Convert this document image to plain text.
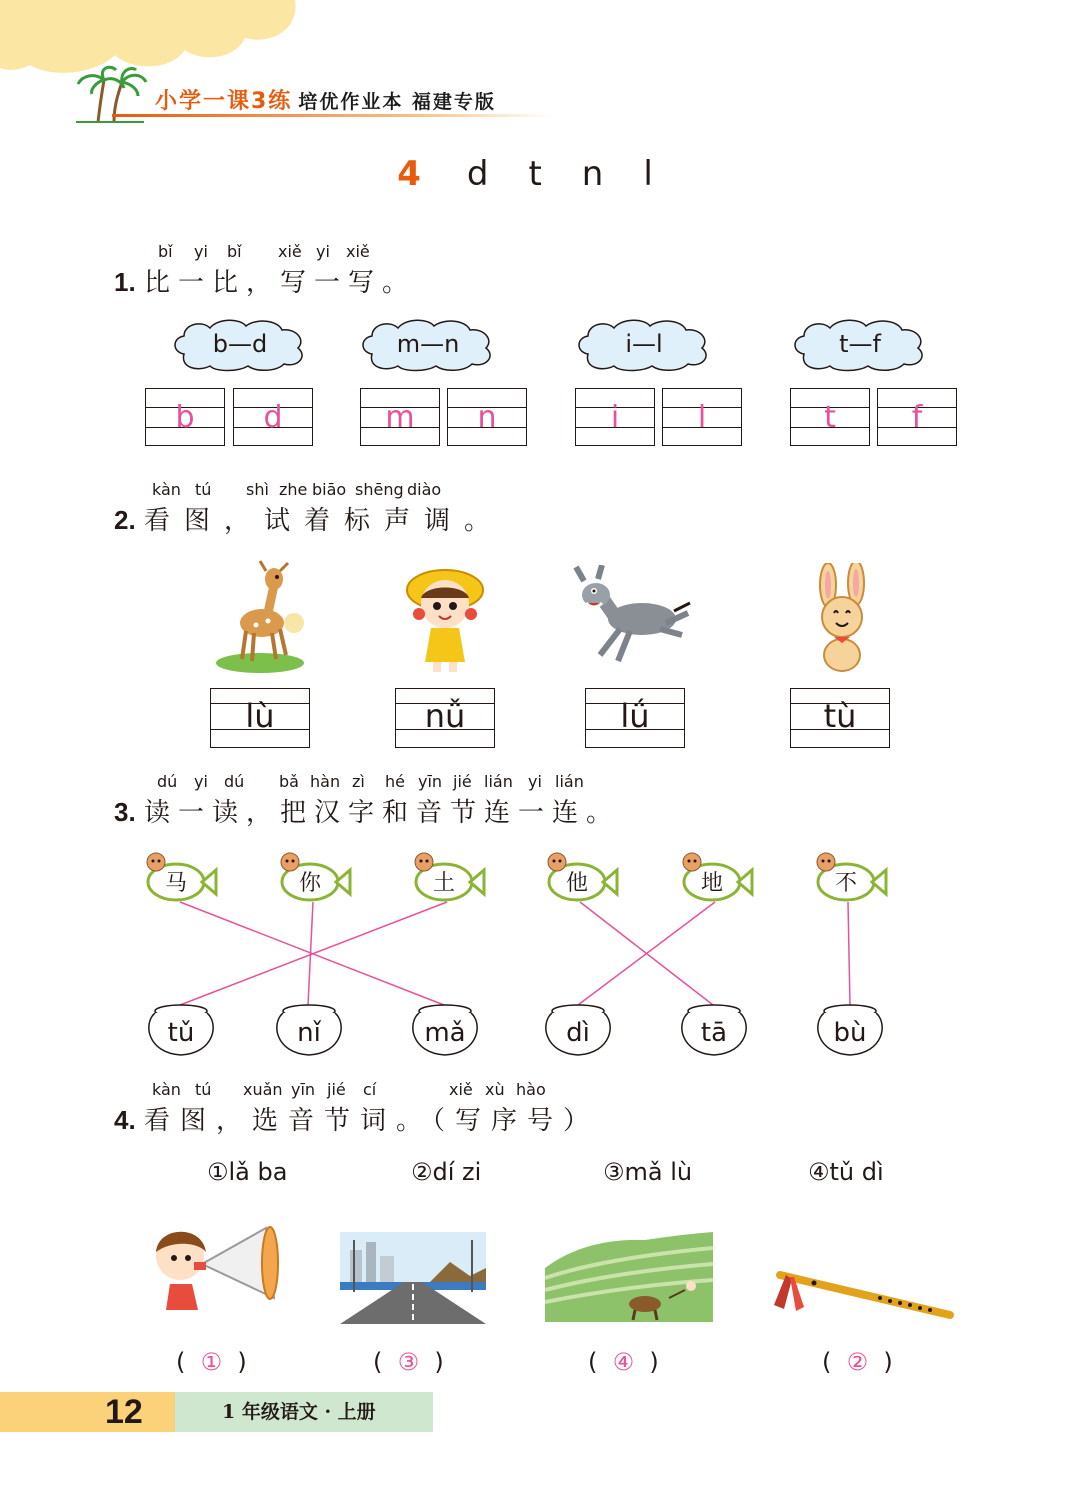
小学一课3练 培优作业本 福建专版
4 d t n l
bǐ yi bǐ xiě yi xiě
1. 比一比，写一写。
b—d	m—n	i—l	t—f
b	d	m	n	i	l	t	f
kàn tú shì zhe biāo shēng diào
2. 看图，试着标声调。
lù	nǚ	lǘ	tù
dú yi dú bǎ hàn zì hé yīn jié lián yi lián
3. 读一读，把汉字和音节连一连。
马	你	土	他	地	不
tǔ	nǐ	mǎ	dì	tā	bù
kàn tú xuǎn yīn jié cí	xiě xù hào
4. 看图，选音节词。（写序号）
①lǎ ba	②dí zi	③mǎ lù	④tǔ dì
(  ①  )	(  ③  )	(  ④  )	(  ②  )
12	1 年级语文 · 上册
